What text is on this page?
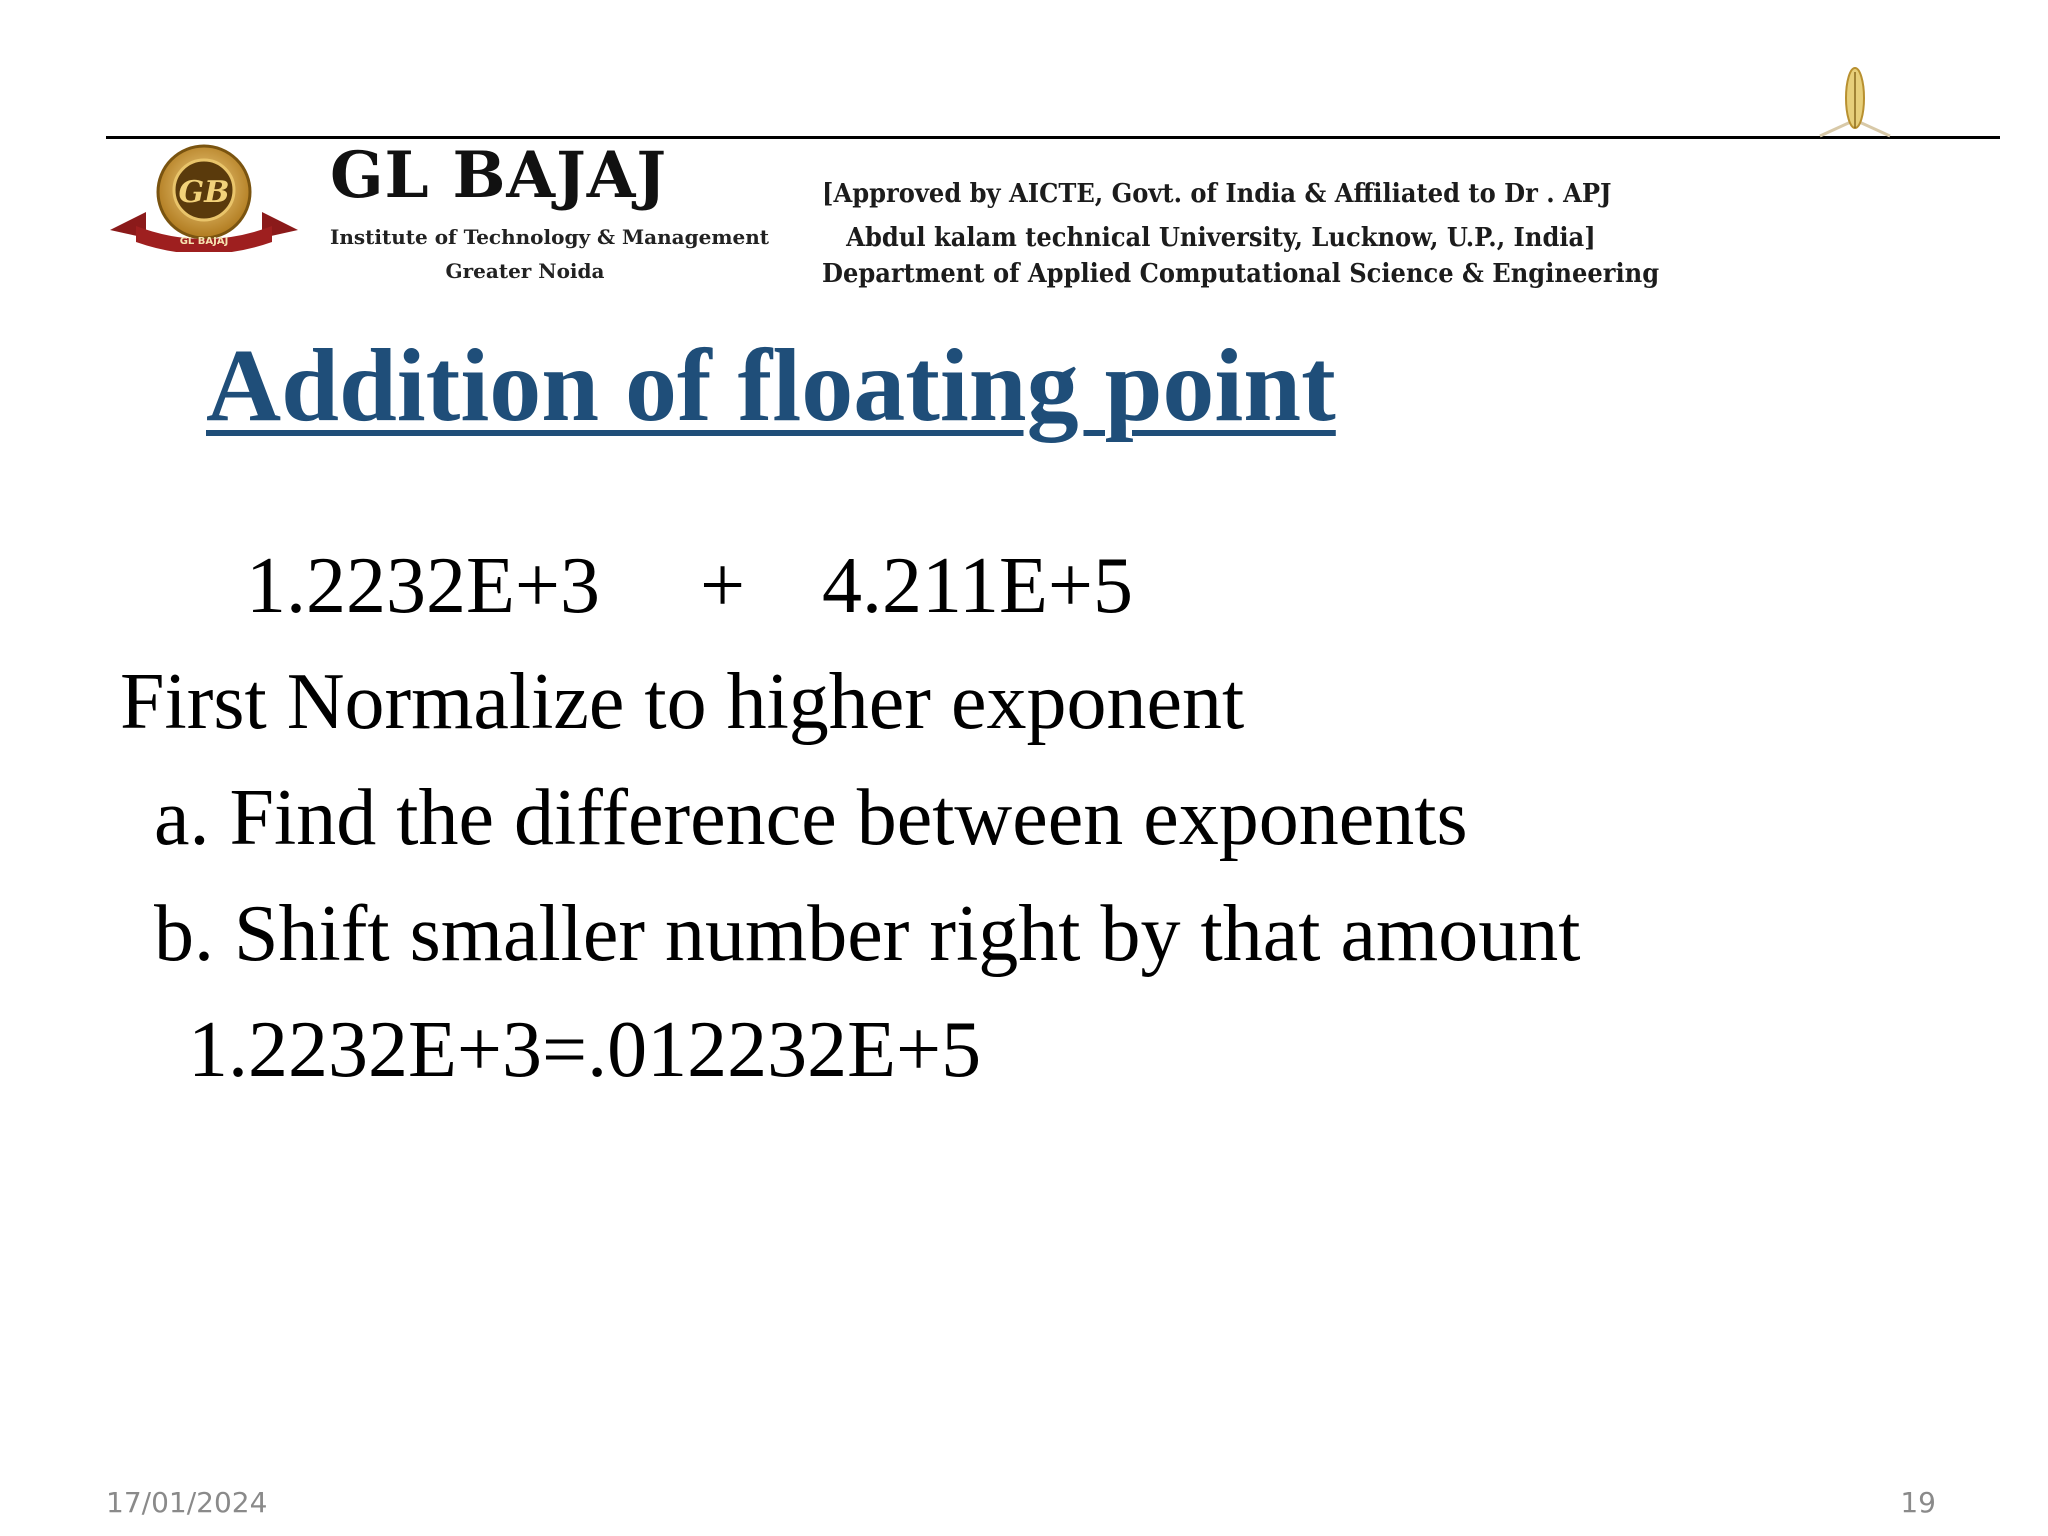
GB
GL BAJAJ
GL BAJAJ
Institute of Technology & Management
Greater Noida
[Approved by AICTE, Govt. of India & Affiliated to Dr . APJ
Abdul kalam technical University, Lucknow, U.P., India]
Department of Applied Computational Science & Engineering
Addition of floating point
1.2232E+3 + 4.211E+5
First Normalize to higher exponent
a. Find the difference between exponents
b. Shift smaller number right by that amount
1.2232E+3=.012232E+5
17/01/2024	19
